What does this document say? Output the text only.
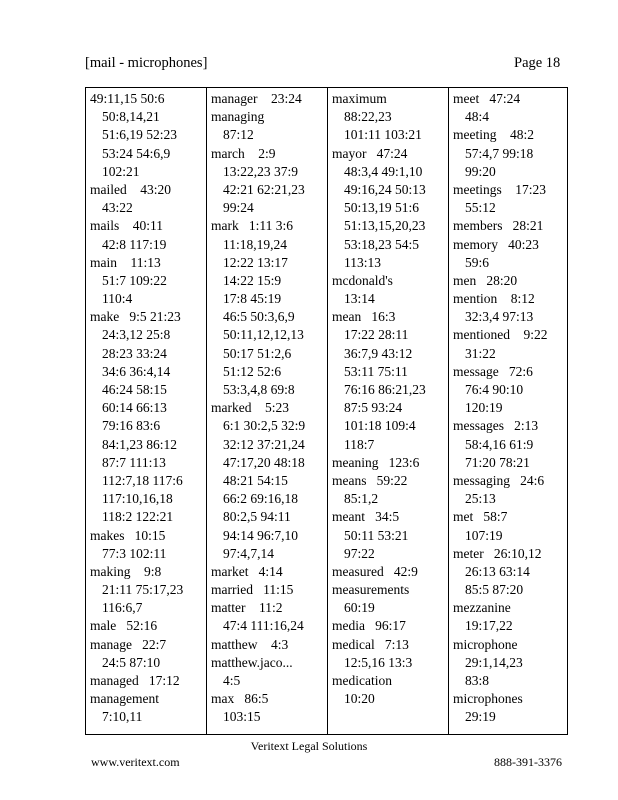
[mail - microphones]	Page 18
49:11,15 50:6
50:8,14,21
51:6,19 52:23
53:24 54:6,9
102:21
mailed    43:20
43:22
mails    40:11
42:8 117:19
main    11:13
51:7 109:22
110:4
make   9:5 21:23
24:3,12 25:8
28:23 33:24
34:6 36:4,14
46:24 58:15
60:14 66:13
79:16 83:6
84:1,23 86:12
87:7 111:13
112:7,18 117:6
117:10,16,18
118:2 122:21
makes   10:15
77:3 102:11
making    9:8
21:11 75:17,23
116:6,7
male   52:16
manage   22:7
24:5 87:10
managed   17:12
management
7:10,11
manager    23:24
managing
87:12
march    2:9
13:22,23 37:9
42:21 62:21,23
99:24
mark   1:11 3:6
11:18,19,24
12:22 13:17
14:22 15:9
17:8 45:19
46:5 50:3,6,9
50:11,12,12,13
50:17 51:2,6
51:12 52:6
53:3,4,8 69:8
marked    5:23
6:1 30:2,5 32:9
32:12 37:21,24
47:17,20 48:18
48:21 54:15
66:2 69:16,18
80:2,5 94:11
94:14 96:7,10
97:4,7,14
market   4:14
married   11:15
matter    11:2
47:4 111:16,24
matthew    4:3
matthew.jaco...
4:5
max   86:5
103:15
maximum
88:22,23
101:11 103:21
mayor   47:24
48:3,4 49:1,10
49:16,24 50:13
50:13,19 51:6
51:13,15,20,23
53:18,23 54:5
113:13
mcdonald's
13:14
mean   16:3
17:22 28:11
36:7,9 43:12
53:11 75:11
76:16 86:21,23
87:5 93:24
101:18 109:4
118:7
meaning   123:6
means   59:22
85:1,2
meant   34:5
50:11 53:21
97:22
measured   42:9
measurements
60:19
media   96:17
medical   7:13
12:5,16 13:3
medication
10:20
meet   47:24
48:4
meeting    48:2
57:4,7 99:18
99:20
meetings    17:23
55:12
members   28:21
memory   40:23
59:6
men   28:20
mention    8:12
32:3,4 97:13
mentioned    9:22
31:22
message   72:6
76:4 90:10
120:19
messages   2:13
58:4,16 61:9
71:20 78:21
messaging   24:6
25:13
met   58:7
107:19
meter   26:10,12
26:13 63:14
85:5 87:20
mezzanine
19:17,22
microphone
29:1,14,23
83:8
microphones
29:19
Veritext Legal Solutions
www.veritext.com	888-391-3376
